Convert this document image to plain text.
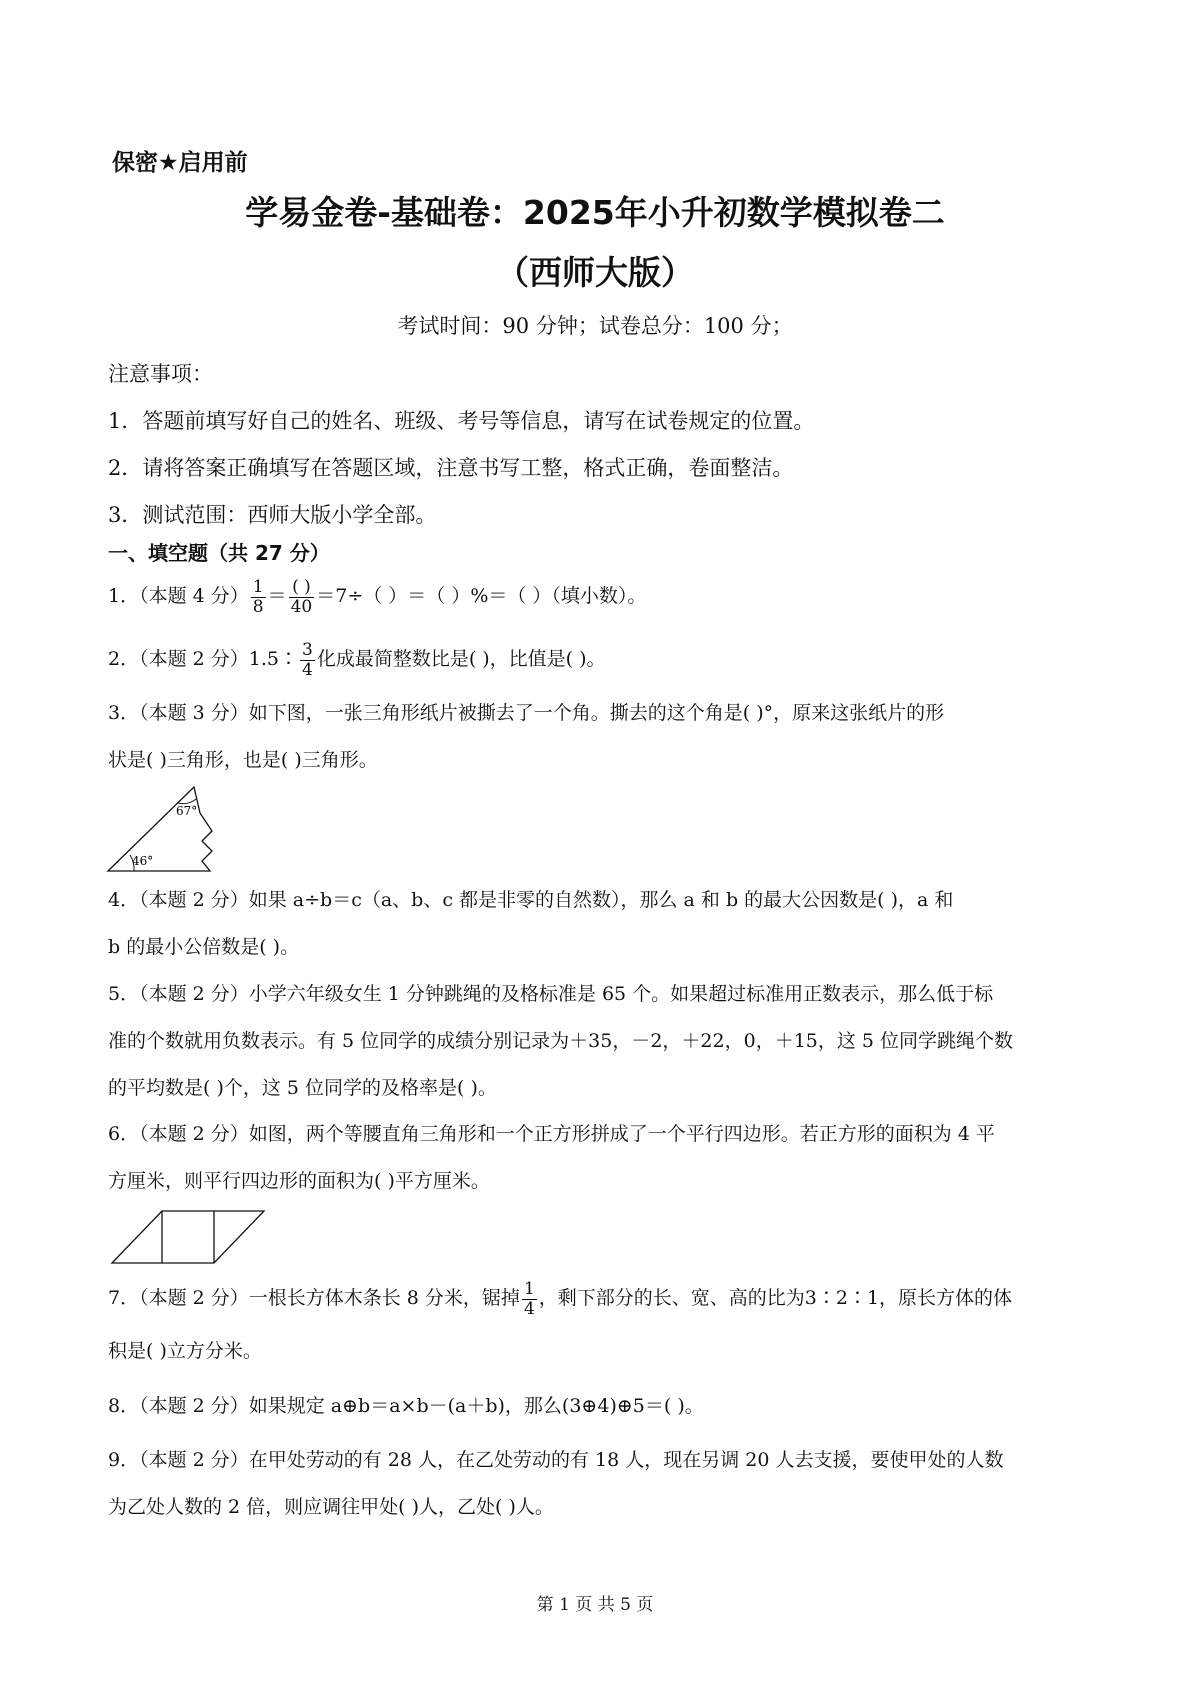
保密★启用前
学易金卷-基础卷：2025年小升初数学模拟卷二
（西师大版）
考试时间：90 分钟；试卷总分：100 分；
注意事项：
1．答题前填写好自己的姓名、班级、考号等信息，请写在试卷规定的位置。
2．请将答案正确填写在答题区域，注意书写工整，格式正确，卷面整洁。
3．测试范围：西师大版小学全部。
一、填空题（共 27 分）
1．（本题 4 分） $\frac{1}{8} = \frac{( )}{40} =7\div$（ ）＝（ ）%＝（ ）（填小数）。
2．（本题 2 分）1.5∶ $\frac{3}{4}$ 化成最简整数比是( )，比值是( )。
3．（本题 3 分）如下图，一张三角形纸片被撕去了一个角。撕去的这个角是( )°，原来这张纸片的形
状是( )三角形，也是( )三角形。
67°
46°
4．（本题 2 分）如果 a÷b＝c（a、b、c 都是非零的自然数），那么 a 和 b 的最大公因数是( )，a 和
b 的最小公倍数是( )。
5．（本题 2 分）小学六年级女生 1 分钟跳绳的及格标准是 65 个。如果超过标准用正数表示，那么低于标
准的个数就用负数表示。有 5 位同学的成绩分别记录为＋35，－2，＋22，0，＋15，这 5 位同学跳绳个数
的平均数是( )个，这 5 位同学的及格率是( )。
6．（本题 2 分）如图，两个等腰直角三角形和一个正方形拼成了一个平行四边形。若正方形的面积为 4 平
方厘米，则平行四边形的面积为( )平方厘米。
7．（本题 2 分）一根长方体木条长 8 分米，锯掉 $\frac{1}{4}$ ，剩下部分的长、宽、高的比为3∶2∶1，原长方体的体
积是( )立方分米。
8．（本题 2 分）如果规定 a⊕b＝a×b－(a＋b)，那么(3⊕4)⊕5＝( )。
9．（本题 2 分）在甲处劳动的有 28 人，在乙处劳动的有 18 人，现在另调 20 人去支援，要使甲处的人数
为乙处人数的 2 倍，则应调往甲处( )人，乙处( )人。
第 1 页 共 5 页
